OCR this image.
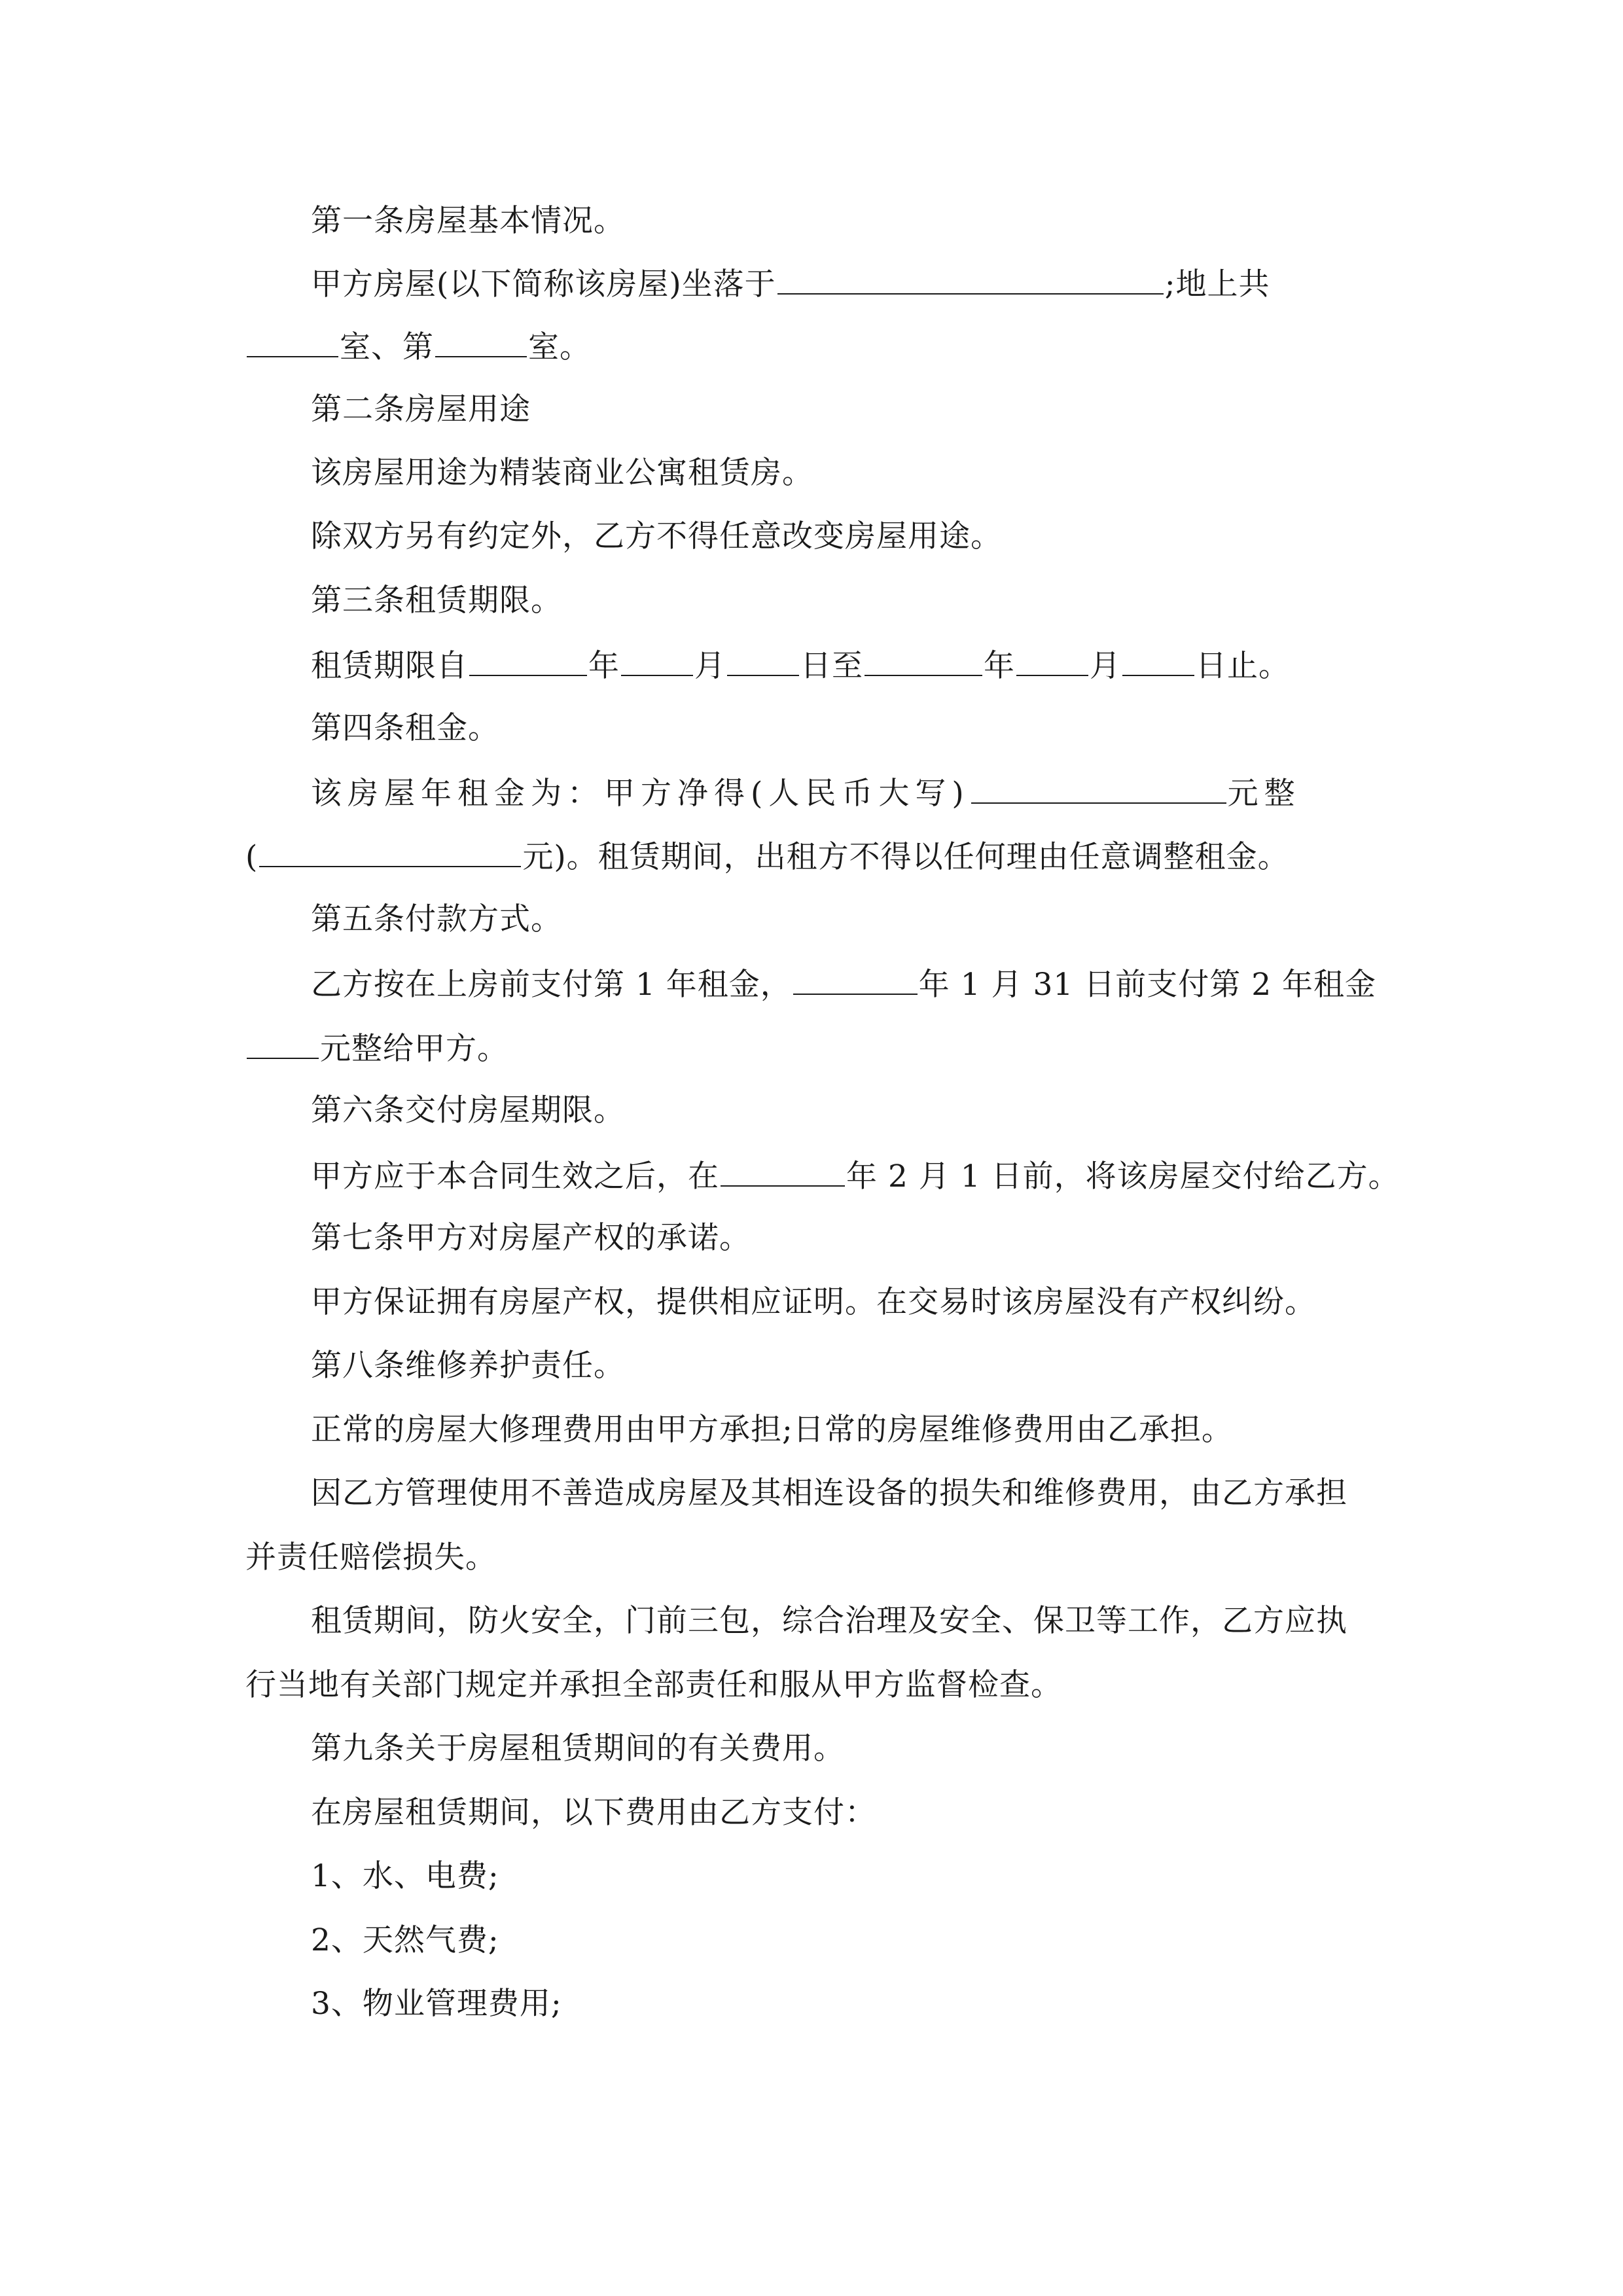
第一条房屋基本情况。
甲方房屋(以下简称该房屋)坐落于	;地上共
室、第	室。
第二条房屋用途
该房屋用途为精装商业公寓租赁房。
除双方另有约定外，乙方不得任意改变房屋用途。
第三条租赁期限。
租赁期限自	年 月 日至	年 月 日止。
第四条租金。
该房屋年租金为：甲方净得(人民币大写)	元整
(	元)。租赁期间，出租方不得以任何理由任意调整租金。
第五条付款方式。
乙方按在上房前支付第 1 年租金，	年 1 月 31 日前支付第 2 年租金
元整给甲方。
第六条交付房屋期限。
甲方应于本合同生效之后，在	年 2 月 1 日前，将该房屋交付给乙方。
第七条甲方对房屋产权的承诺。
甲方保证拥有房屋产权，提供相应证明。在交易时该房屋没有产权纠纷。
第八条维修养护责任。
正常的房屋大修理费用由甲方承担;日常的房屋维修费用由乙承担。
因乙方管理使用不善造成房屋及其相连设备的损失和维修费用，由乙方承担
并责任赔偿损失。
租赁期间，防火安全，门前三包，综合治理及安全、保卫等工作，乙方应执
行当地有关部门规定并承担全部责任和服从甲方监督检查。
第九条关于房屋租赁期间的有关费用。
在房屋租赁期间，以下费用由乙方支付：
1、水、电费;
2、天然气费;
3、物业管理费用;
